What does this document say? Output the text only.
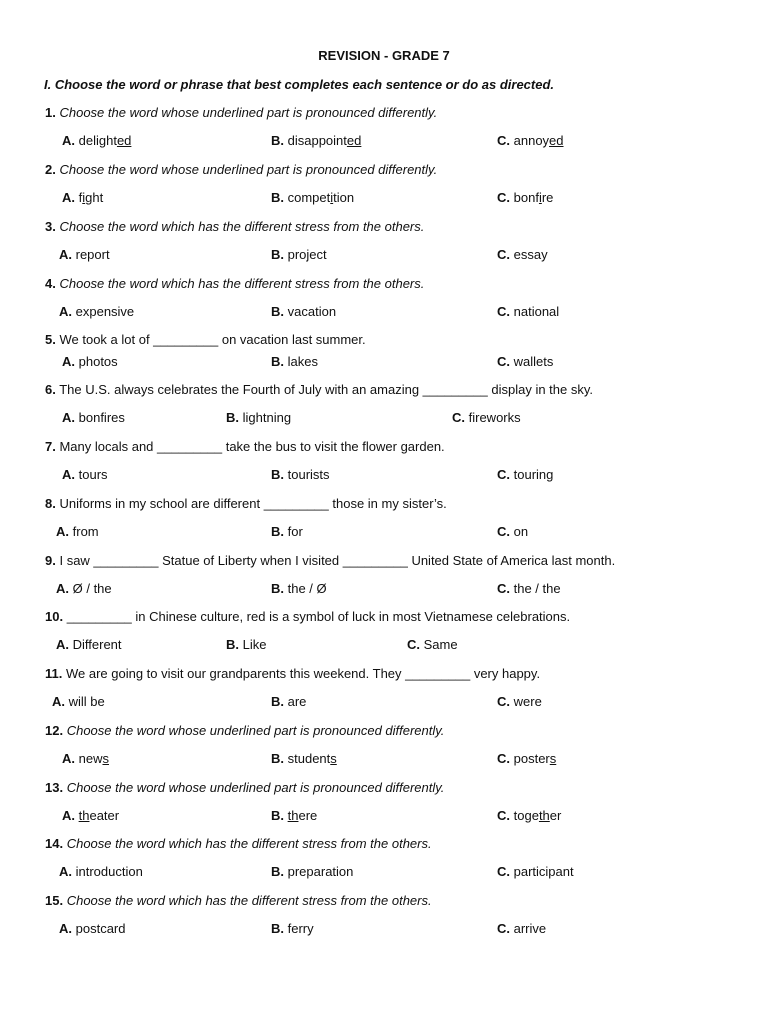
REVISION - GRADE 7
I. Choose the word or phrase that best completes each sentence or do as directed.
1. Choose the word whose underlined part is pronounced differently.
A. delighted	B. disappointed	C. annoyed
2. Choose the word whose underlined part is pronounced differently.
A. fight	B. competition	C. bonfire
3. Choose the word which has the different stress from the others.
A. report	B. project	C. essay
4. Choose the word which has the different stress from the others.
A. expensive	B. vacation	C. national
5. We took a lot of _________ on vacation last summer.
A. photos	B. lakes	C. wallets
6. The U.S. always celebrates the Fourth of July with an amazing _________ display in the sky.
A. bonfires	B. lightning	C. fireworks
7. Many locals and _________ take the bus to visit the flower garden.
A. tours	B. tourists	C. touring
8. Uniforms in my school are different _________ those in my sister’s.
A. from	B. for	C. on
9. I saw _________ Statue of Liberty when I visited _________ United State of America last month.
A. Ø / the	B. the / Ø	C. the / the
10. _________ in Chinese culture, red is a symbol of luck in most Vietnamese celebrations.
A. Different	B. Like	C. Same
11. We are going to visit our grandparents this weekend. They _________ very happy.
A. will be	B. are	C. were
12. Choose the word whose underlined part is pronounced differently.
A. news	B. students	C. posters
13. Choose the word whose underlined part is pronounced differently.
A. theater	B. there	C. together
14. Choose the word which has the different stress from the others.
A. introduction	B. preparation	C. participant
15. Choose the word which has the different stress from the others.
A. postcard	B. ferry	C. arrive
